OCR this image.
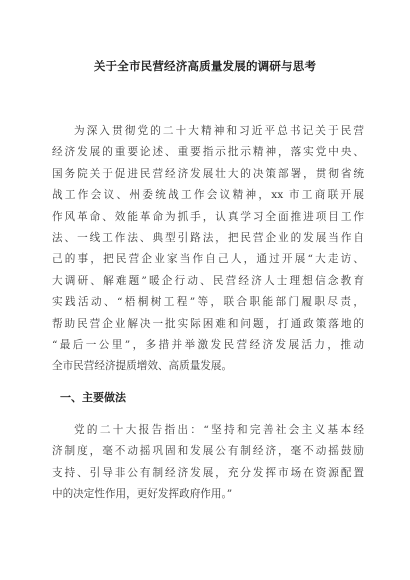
关于全市民营经济高质量发展的调研与思考
为深入贯彻党的二十大精神和习近平总书记关于民营
经济发展的重要论述、重要指示批示精神，落实党中央、
国务院关于促进民营经济发展壮大的决策部署，贯彻省统
战工作会议、州委统战工作会议精神，xx 市工商联开展
作风革命、效能革命为抓手，认真学习全面推进项目工作
法、一线工作法、典型引路法，把民营企业的发展当作自
己的事，把民营企业家当作自己人，通过开展“大走访、
大调研、解难题”暖企行动、民营经济人士理想信念教育
实践活动、“梧桐树工程”等，联合职能部门履职尽责，
帮助民营企业解决一批实际困难和问题，打通政策落地的
“最后一公里”，多措并举激发民营经济发展活力，推动
全市民营经济提质增效、高质量发展。
一、主要做法
党的二十大报告指出：“坚持和完善社会主义基本经
济制度，毫不动摇巩固和发展公有制经济，毫不动摇鼓励
支持、引导非公有制经济发展，充分发挥市场在资源配置
中的决定性作用，更好发挥政府作用。”
